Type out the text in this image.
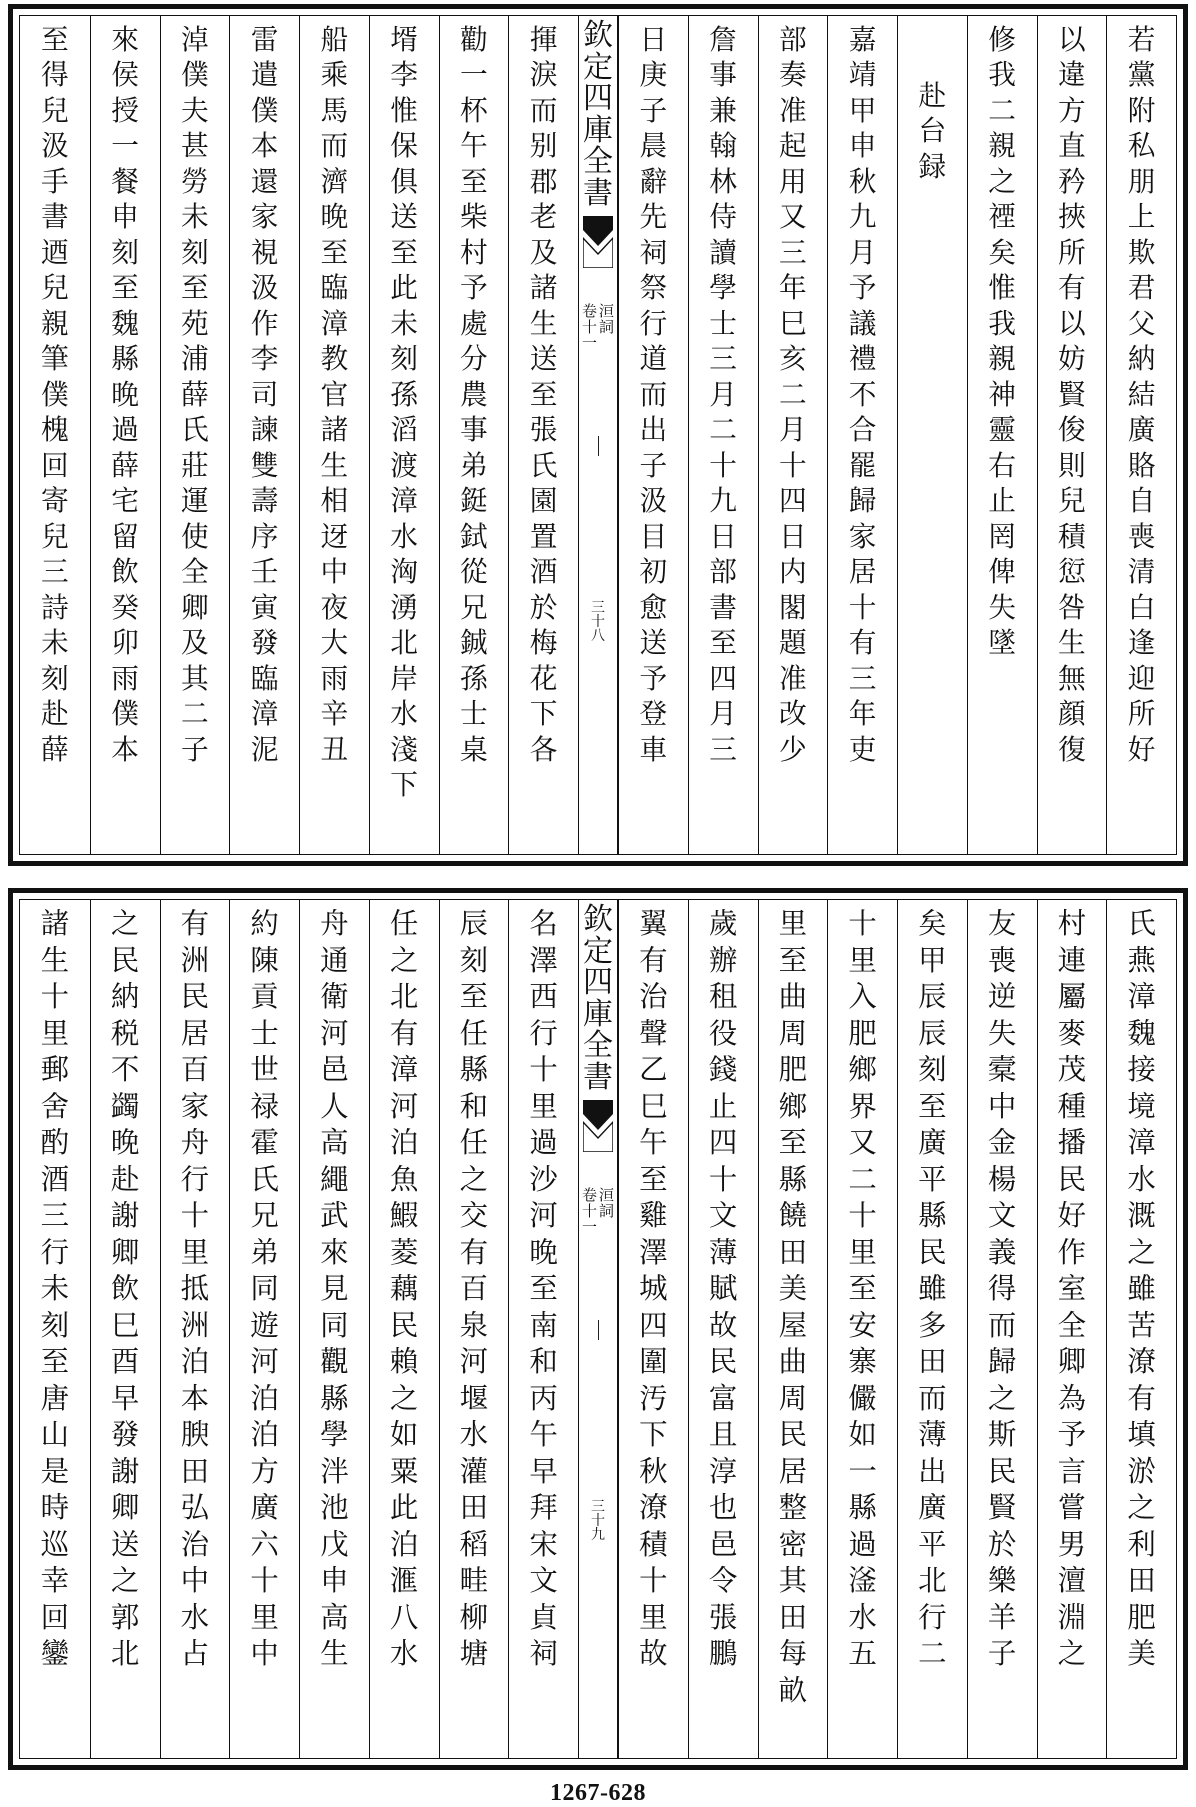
若
黨
附
私
朋
上
欺
君
父
納
結
廣
賂
自
喪
清
白
逢
迎
所
好
以
違
方
直
矜
挾
所
有
以
妨
賢
俊
則
兒
積
愆
咎
生
無
顔
復
修
我
二
親
之
禋
矣
惟
我
親
神
靈
右
止
罔
俾
失
墜
赴
台
録
嘉
靖
甲
申
秋
九
月
予
議
禮
不
合
罷
歸
家
居
十
有
三
年
吏
部
奏
准
起
用
又
三
年
巳
亥
二
月
十
四
日
内
閣
題
准
改
少
詹
事
兼
翰
林
侍
讀
學
士
三
月
二
十
九
日
部
書
至
四
月
三
日
庚
子
晨
辭
先
祠
祭
行
道
而
出
子
汲
目
初
愈
送
予
登
車
欽
定
四
庫
全
書
卷
十
一
洹
詞
三
十
八
揮
淚
而
别
郡
老
及
諸
生
送
至
張
氏
園
置
酒
於
梅
花
下
各
勸
一
杯
午
至
柴
村
予
處
分
農
事
弟
鋌
鉽
從
兄
鋮
孫
士
桌
壻
李
惟
保
俱
送
至
此
未
刻
孫
滔
渡
漳
水
洶
湧
北
岸
水
淺
下
船
乘
馬
而
濟
晚
至
臨
漳
教
官
諸
生
相
迓
中
夜
大
雨
辛
丑
雷
遣
僕
本
還
家
視
汲
作
李
司
諫
雙
壽
序
壬
寅
發
臨
漳
泥
淖
僕
夫
甚
勞
未
刻
至
苑
浦
薛
氏
莊
運
使
全
卿
及
其
二
子
來
侯
授
一
餐
申
刻
至
魏
縣
晚
過
薛
宅
留
飲
癸
卯
雨
僕
本
至
得
兒
汲
手
書
迺
兒
親
筆
僕
槐
回
寄
兒
三
詩
未
刻
赴
薛
氏
燕
漳
魏
接
境
漳
水
溉
之
雖
苦
潦
有
填
淤
之
利
田
肥
美
村
連
屬
麥
茂
種
播
民
好
作
室
全
卿
為
予
言
嘗
男
澶
淵
之
友
喪
逆
失
槖
中
金
楊
文
義
得
而
歸
之
斯
民
賢
於
樂
羊
子
矣
甲
辰
辰
刻
至
廣
平
縣
民
雖
多
田
而
薄
出
廣
平
北
行
二
十
里
入
肥
鄉
界
又
二
十
里
至
安
寨
儼
如
一
縣
過
滏
水
五
里
至
曲
周
肥
鄉
至
縣
饒
田
美
屋
曲
周
民
居
整
密
其
田
每
畝
歲
辦
租
役
錢
止
四
十
文
薄
賦
故
民
富
且
淳
也
邑
令
張
鵬
翼
有
治
聲
乙
巳
午
至
雞
澤
城
四
圍
汚
下
秋
潦
積
十
里
故
欽
定
四
庫
全
書
卷
十
一
洹
詞
三
十
九
名
澤
西
行
十
里
過
沙
河
晚
至
南
和
丙
午
早
拜
宋
文
貞
祠
辰
刻
至
任
縣
和
任
之
交
有
百
泉
河
堰
水
灌
田
稻
畦
柳
塘
任
之
北
有
漳
河
泊
魚
鰕
菱
藕
民
賴
之
如
粟
此
泊
滙
八
水
舟
通
衛
河
邑
人
高
繩
武
來
見
同
觀
縣
學
泮
池
戊
申
高
生
約
陳
貢
士
世
禄
霍
氏
兄
弟
同
遊
河
泊
泊
方
廣
六
十
里
中
有
洲
民
居
百
家
舟
行
十
里
抵
洲
泊
本
腴
田
弘
治
中
水
占
之
民
納
税
不
蠲
晚
赴
謝
卿
飲
巳
酉
早
發
謝
卿
送
之
郭
北
諸
生
十
里
郵
舍
酌
酒
三
行
未
刻
至
唐
山
是
時
巡
幸
回
鑾
1267-628
